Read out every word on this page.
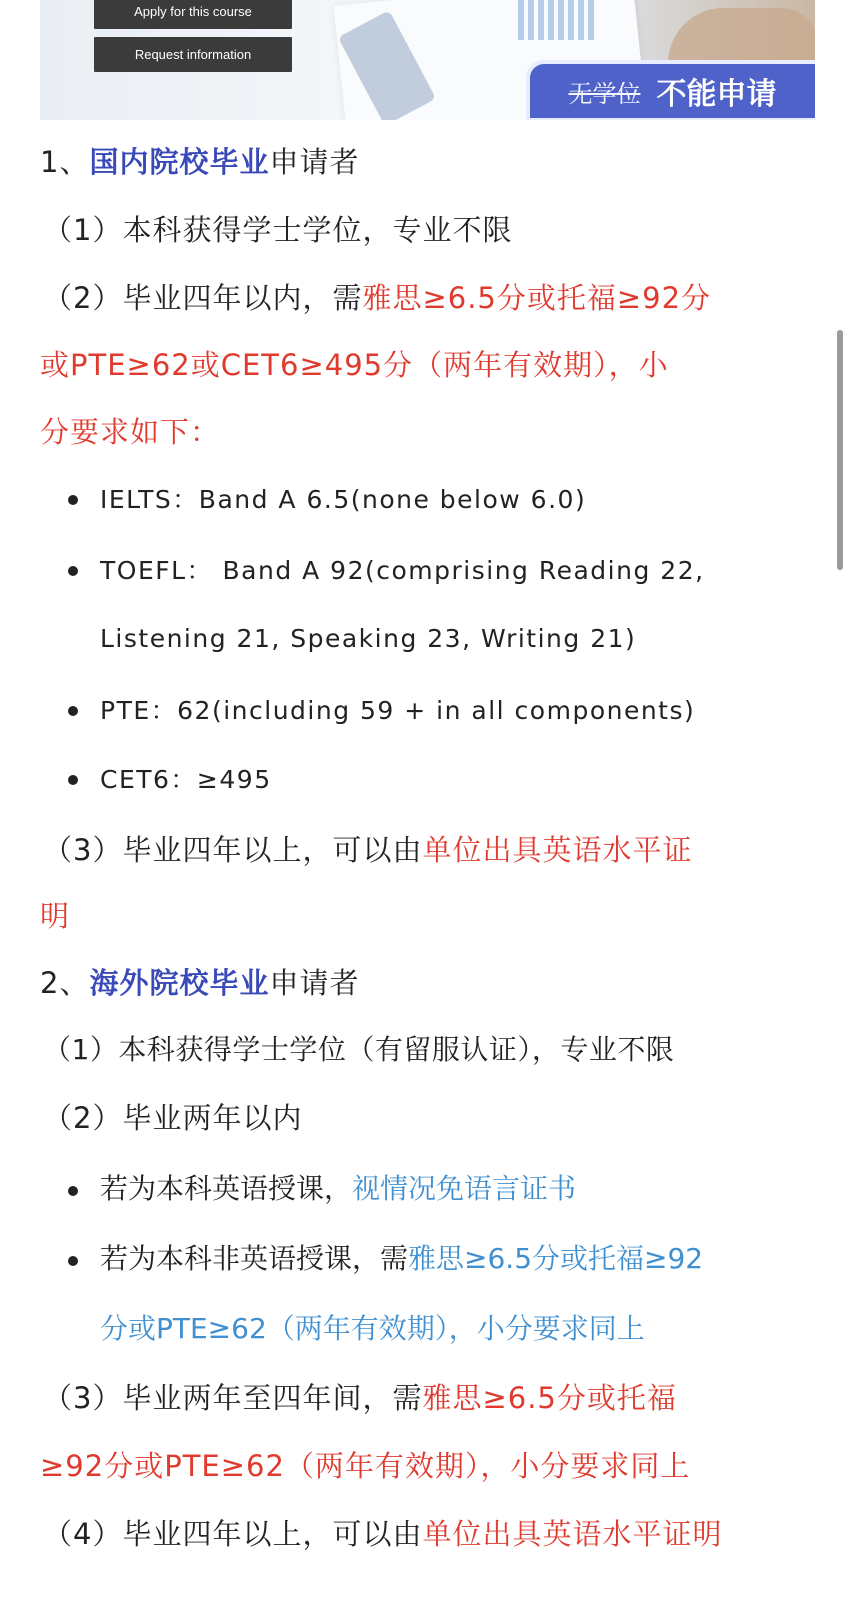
Apply for this course
Request information
无学位 不能申请
1、国内院校毕业申请者
（1）本科获得学士学位，专业不限
（2）毕业四年以内，需雅思≥6.5分或托福≥92分
或PTE≥62或CET6≥495分（两年有效期），小
分要求如下：
IELTS：Band A 6.5(none below 6.0)
TOEFL： Band A 92(comprising Reading 22,
Listening 21, Speaking 23, Writing 21)
PTE：62(including 59 + in all components)
CET6：≥495
（3）毕业四年以上，可以由单位出具英语水平证
明
2、海外院校毕业申请者
（1）本科获得学士学位（有留服认证），专业不限
（2）毕业两年以内
若为本科英语授课，视情况免语言证书
若为本科非英语授课，需雅思≥6.5分或托福≥92
分或PTE≥62（两年有效期），小分要求同上
（3）毕业两年至四年间，需雅思≥6.5分或托福
≥92分或PTE≥62（两年有效期），小分要求同上
（4）毕业四年以上，可以由单位出具英语水平证明
